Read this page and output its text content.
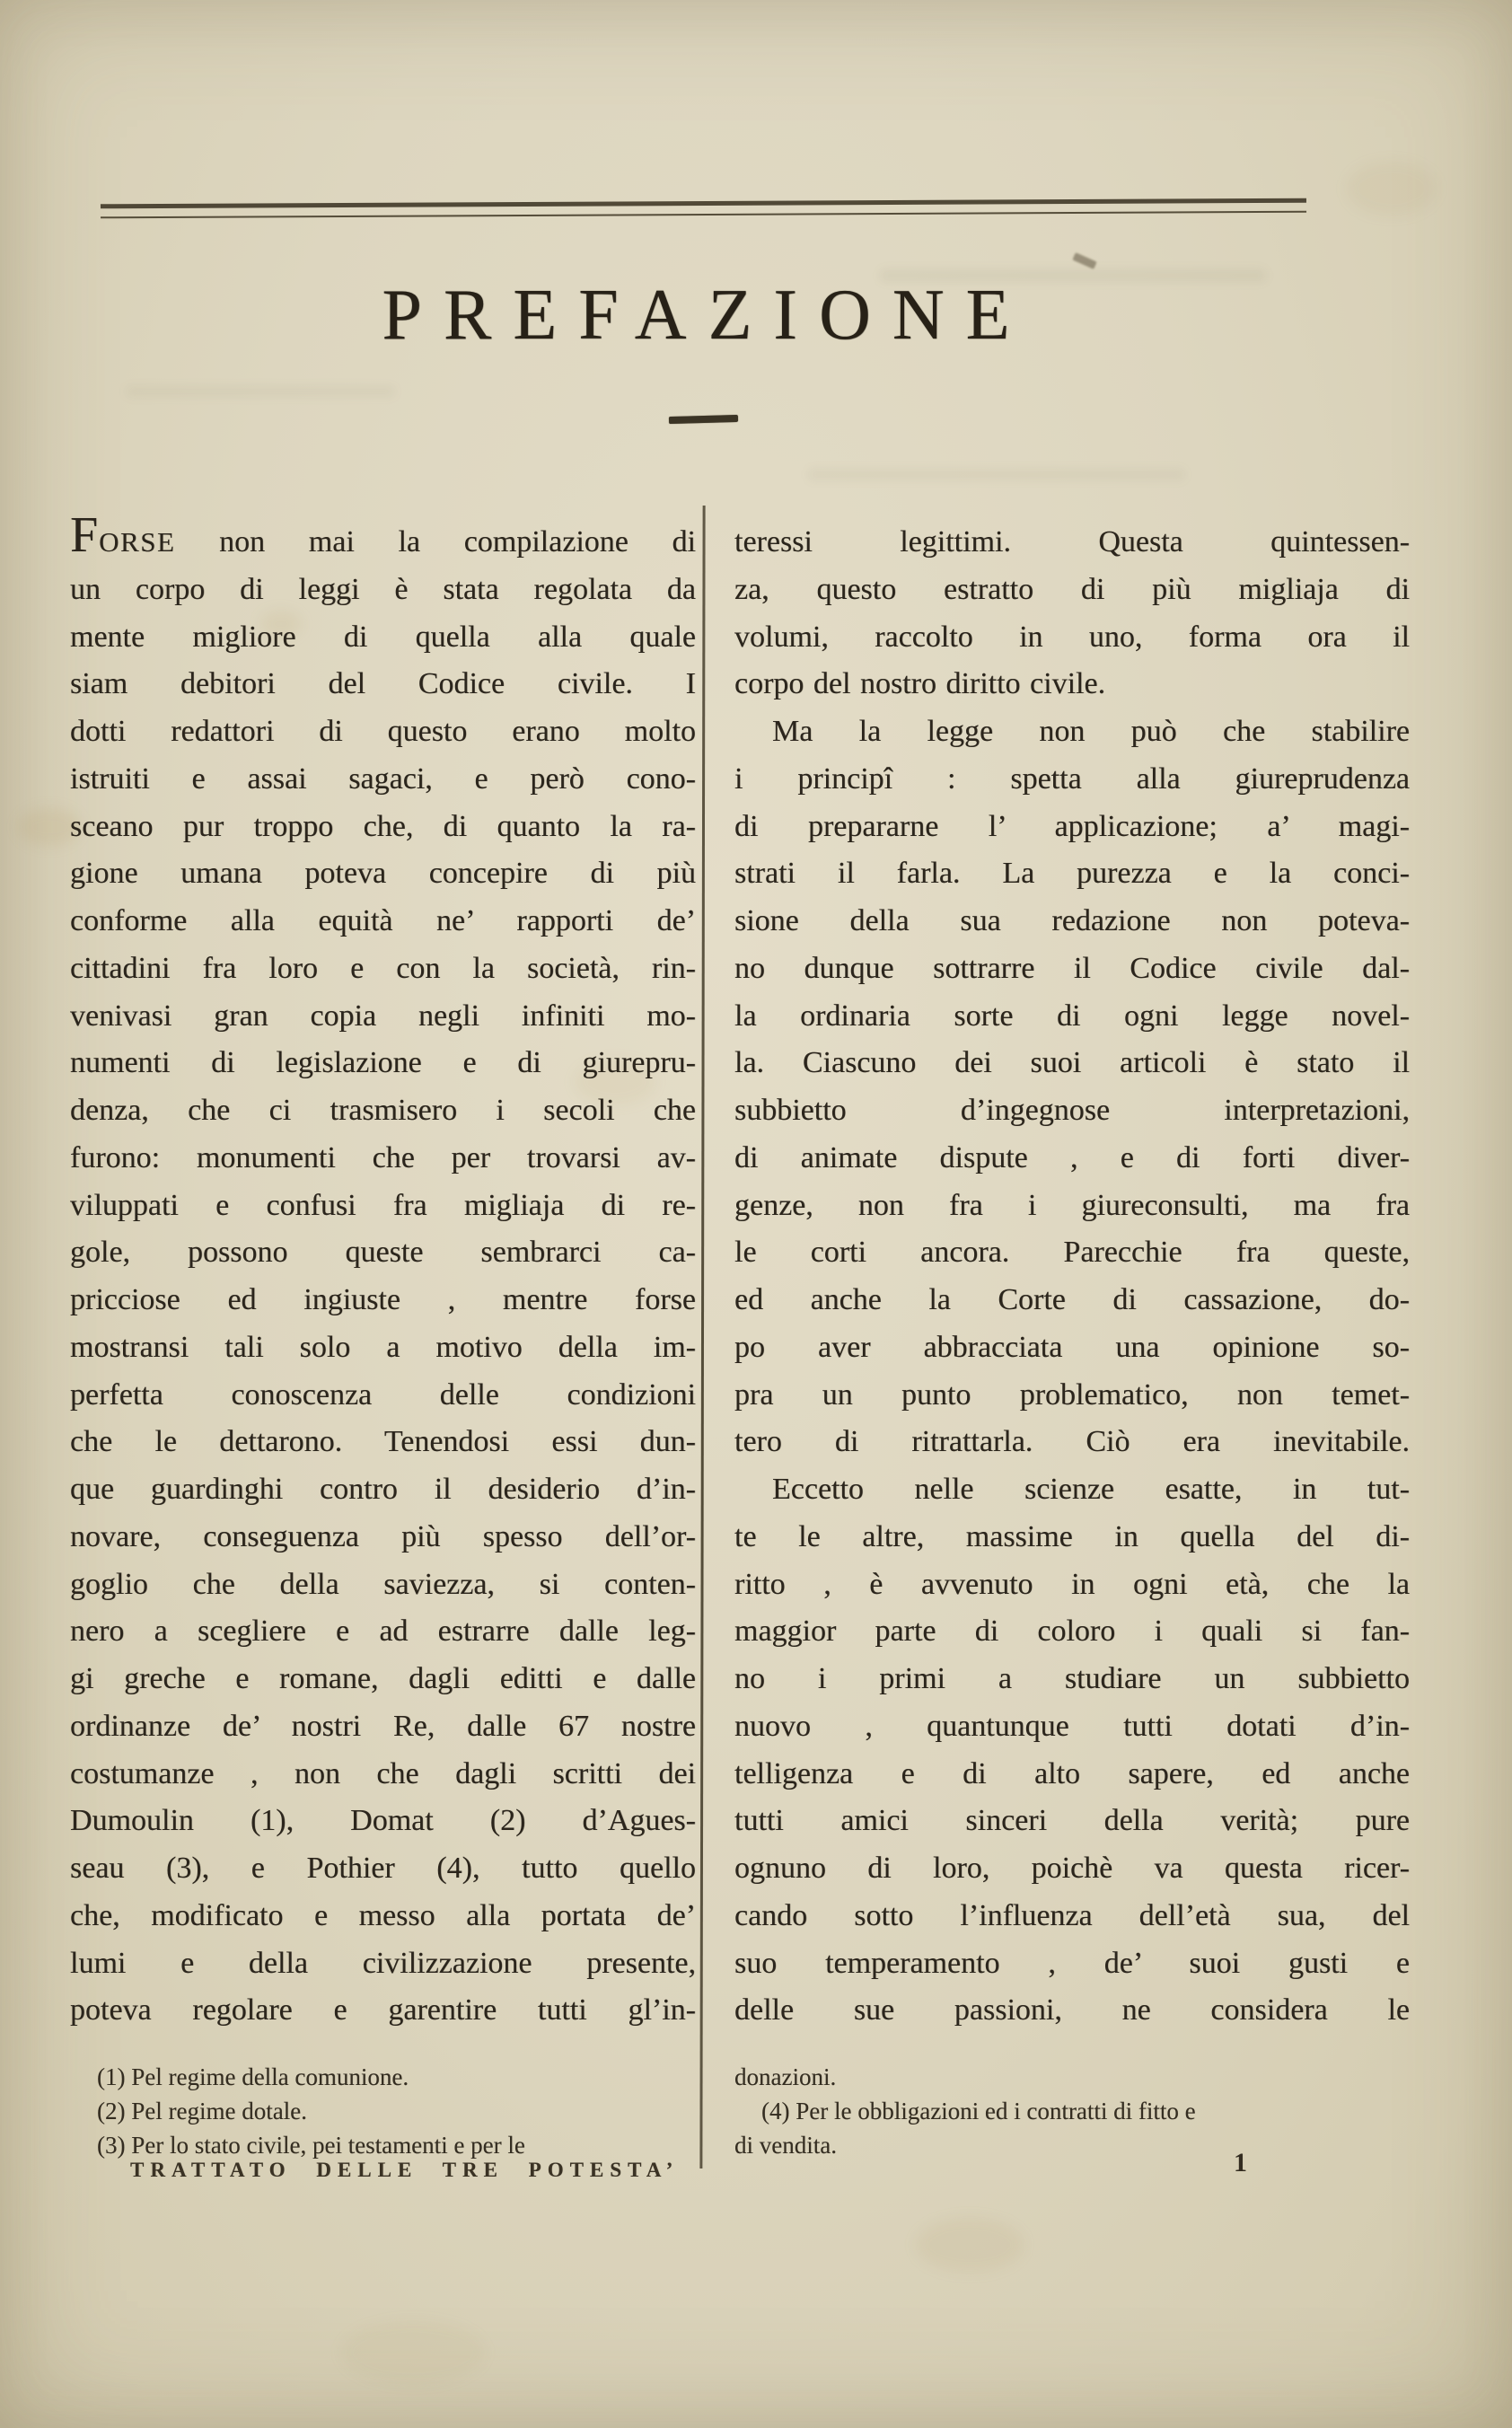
PREFAZIONE
FORSE non mai la compilazione di
un corpo di leggi è stata regolata da
mente migliore di quella alla quale
siam debitori del Codice civile. I
dotti redattori di questo erano molto
istruiti e assai sagaci, e però cono-
sceano pur troppo che, di quanto la ra-
gione umana poteva concepire di più
conforme alla equità ne’ rapporti de’
cittadini fra loro e con la società, rin-
venivasi gran copia negli infiniti mo-
numenti di legislazione e di giurepru-
denza, che ci trasmisero i secoli che
furono: monumenti che per trovarsi av-
viluppati e confusi fra migliaja di re-
gole, possono queste sembrarci ca-
pricciose ed ingiuste , mentre forse
mostransi tali solo a motivo della im-
perfetta conoscenza delle condizioni
che le dettarono. Tenendosi essi dun-
que guardinghi contro il desiderio d’in-
novare, conseguenza più spesso dell’or-
goglio che della saviezza, si conten-
nero a scegliere e ad estrarre dalle leg-
gi greche e romane, dagli editti e dalle
ordinanze de’ nostri Re, dalle 67 nostre
costumanze , non che dagli scritti dei
Dumoulin (1), Domat (2) d’Agues-
seau (3), e Pothier (4), tutto quello
che, modificato e messo alla portata de’
lumi e della civilizzazione presente,
poteva regolare e garentire tutti gl’in-
teressi legittimi. Questa quintessen-
za, questo estratto di più migliaja di
volumi, raccolto in uno, forma ora il
corpo del nostro diritto civile.
Ma la legge non può che stabilire
i principî : spetta alla giureprudenza
di prepararne l’ applicazione; a’ magi-
strati il farla. La purezza e la conci-
sione della sua redazione non poteva-
no dunque sottrarre il Codice civile dal-
la ordinaria sorte di ogni legge novel-
la. Ciascuno dei suoi articoli è stato il
subbietto d’ingegnose interpretazioni,
di animate dispute , e di forti diver-
genze, non fra i giureconsulti, ma fra
le corti ancora. Parecchie fra queste,
ed anche la Corte di cassazione, do-
po aver abbracciata una opinione so-
pra un punto problematico, non temet-
tero di ritrattarla. Ciò era inevitabile.
Eccetto nelle scienze esatte, in tut-
te le altre, massime in quella del di-
ritto , è avvenuto in ogni età, che la
maggior parte di coloro i quali si fan-
no i primi a studiare un subbietto
nuovo , quantunque tutti dotati d’in-
telligenza e di alto sapere, ed anche
tutti amici sinceri della verità; pure
ognuno di loro, poichè va questa ricer-
cando sotto l’influenza dell’età sua, del
suo temperamento , de’ suoi gusti e
delle sue passioni, ne considera le
(1) Pel regime della comunione.
(2) Pel regime dotale.
(3) Per lo stato civile, pei testamenti e per le
donazioni.
(4) Per le obbligazioni ed i contratti di fitto e
di vendita.
TRATTATO DELLE TRE POTESTA’	1
